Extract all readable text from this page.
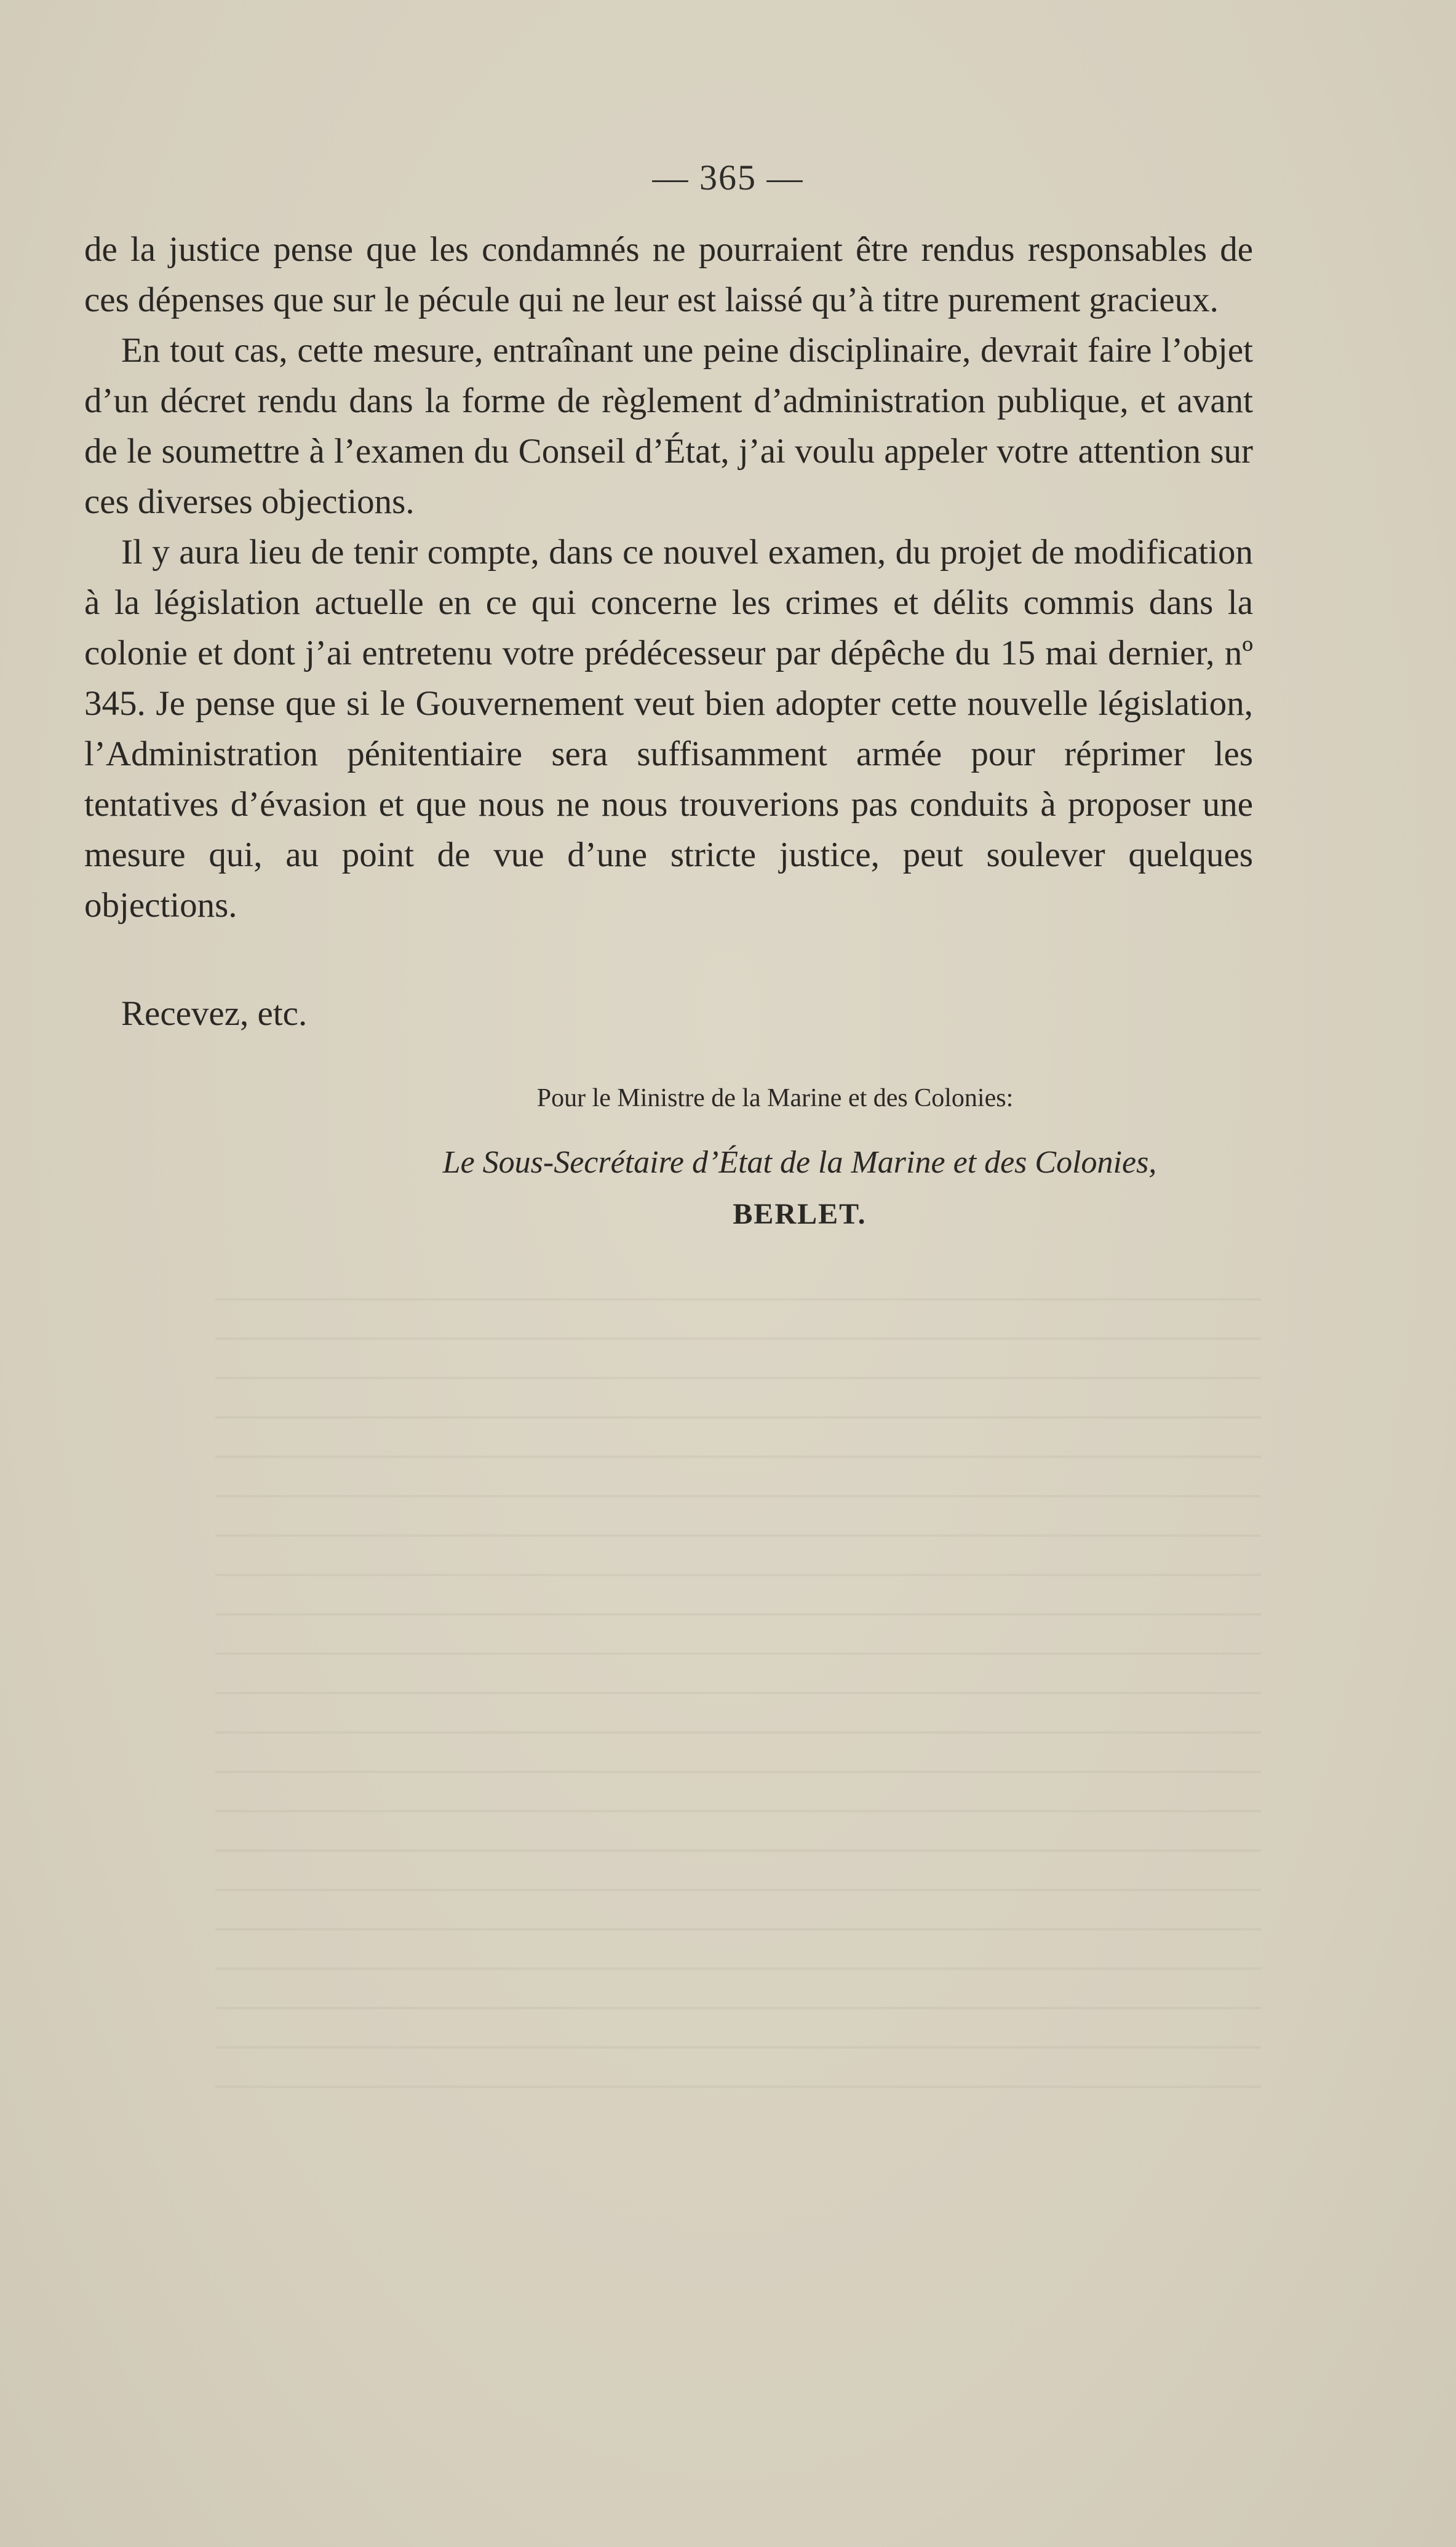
— 365 —

de la justice pense que les condamnés ne pourraient être rendus responsables de ces dépenses que sur le pécule qui ne leur est laissé qu’à titre purement gracieux.

En tout cas, cette mesure, entraînant une peine disciplinaire, devrait faire l’objet d’un décret rendu dans la forme de règlement d’administration publique, et avant de le soumettre à l’examen du Conseil d’État, j’ai voulu appeler votre attention sur ces diverses objections.

Il y aura lieu de tenir compte, dans ce nouvel examen, du projet de modification à la législation actuelle en ce qui concerne les crimes et délits commis dans la colonie et dont j’ai entretenu votre prédécesseur par dépêche du 15 mai dernier, nº 345. Je pense que si le Gouvernement veut bien adopter cette nouvelle législation, l’Administration pénitentiaire sera suffisamment armée pour réprimer les tentatives d’évasion et que nous ne nous trouverions pas conduits à proposer une mesure qui, au point de vue d’une stricte justice, peut soulever quelques objections.

Recevez, etc.
Pour le Ministre de la Marine et des Colonies:
Le Sous-Secrétaire d’État de la Marine et des Colonies,
BERLET.
